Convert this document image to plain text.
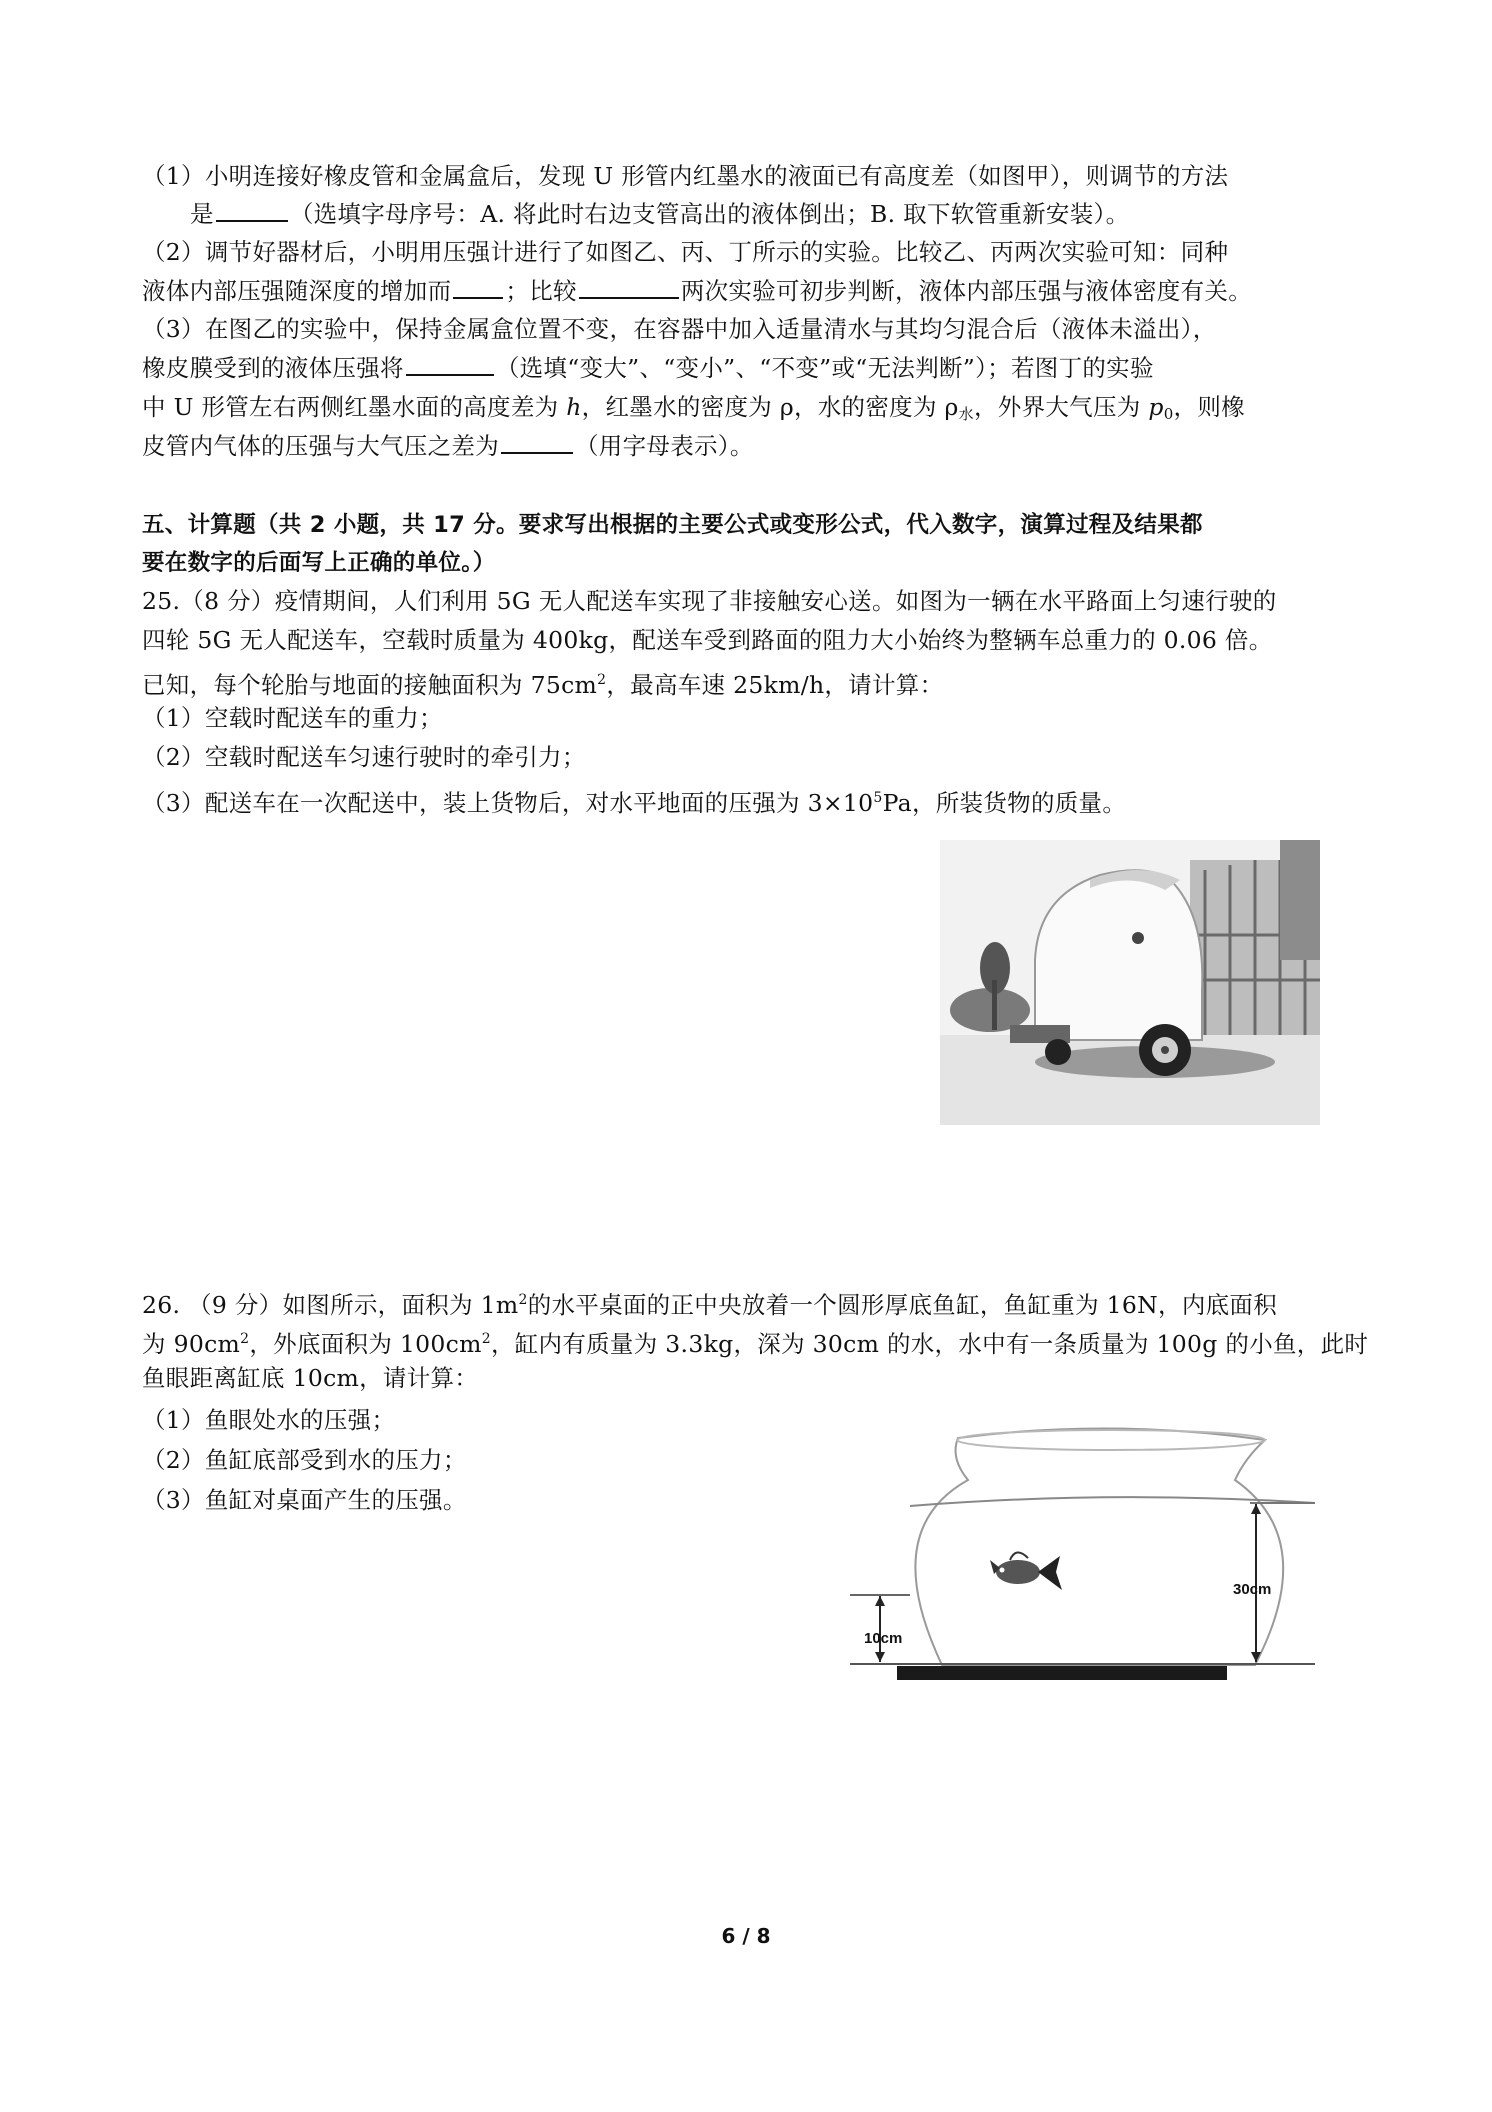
（1）小明连接好橡皮管和金属盒后，发现 U 形管内红墨水的液面已有高度差（如图甲），则调节的方法
是	（选填字母序号：A. 将此时右边支管高出的液体倒出；B. 取下软管重新安装）。
（2）调节好器材后，小明用压强计进行了如图乙、丙、丁所示的实验。比较乙、丙两次实验可知：同种
液体内部压强随深度的增加而 ；比较	两次实验可初步判断，液体内部压强与液体密度有关。
（3）在图乙的实验中，保持金属盒位置不变，在容器中加入适量清水与其均匀混合后（液体未溢出），
橡皮膜受到的液体压强将	（选填“变大”、“变小”、“不变”或“无法判断”）；若图丁的实验
中 U 形管左右两侧红墨水面的高度差为 h，红墨水的密度为 ρ，水的密度为 $\rho_水$，外界大气压为 $p_0$，则橡
皮管内气体的压强与大气压之差为	（用字母表示）。
五、计算题（共 2 小题，共 17 分。要求写出根据的主要公式或变形公式，代入数字，演算过程及结果都
要在数字的后面写上正确的单位。）
25.（8 分）疫情期间，人们利用 5G 无人配送车实现了非接触安心送。如图为一辆在水平路面上匀速行驶的
四轮 5G 无人配送车，空载时质量为 400kg，配送车受到路面的阻力大小始终为整辆车总重力的 0.06 倍。
已知，每个轮胎与地面的接触面积为 $75cm^2$，最高车速 25km/h，请计算：
（1）空载时配送车的重力；
（2）空载时配送车匀速行驶时的牵引力；
（3）配送车在一次配送中，装上货物后，对水平地面的压强为 $3\times 10^5Pa$，所装货物的质量。
26. （9 分）如图所示，面积为 $1m^2$的水平桌面的正中央放着一个圆形厚底鱼缸，鱼缸重为 16N，内底面积
为 $90cm^2$，外底面积为 $100cm^2$，缸内有质量为 3.3kg，深为 30cm 的水，水中有一条质量为 100g 的小鱼，此时
鱼眼距离缸底 10cm，请计算：
（1）鱼眼处水的压强；
（2）鱼缸底部受到水的压力；
（3）鱼缸对桌面产生的压强。
10cm
30cm
6 / 8
